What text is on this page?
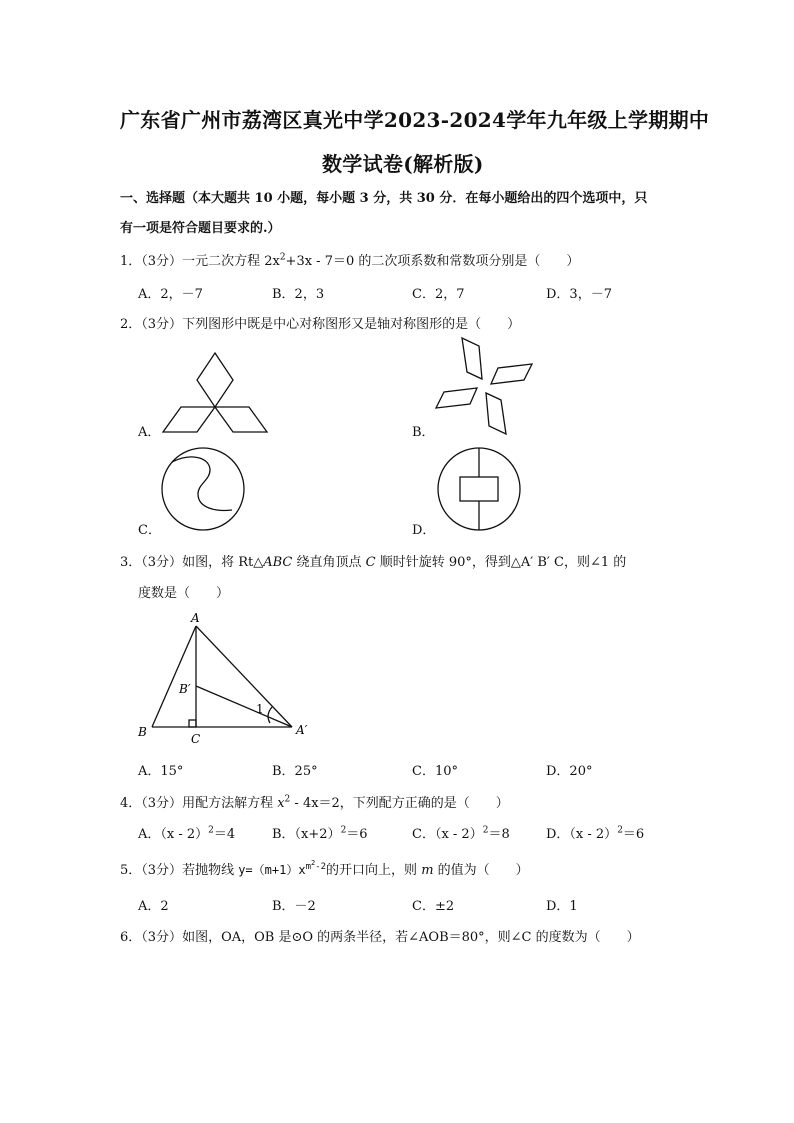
广东省广州市荔湾区真光中学2023-2024学年九年级上学期期中
数学试卷(解析版)
一、选择题（本大题共 10 小题，每小题 3 分，共 30 分．在每小题给出的四个选项中，只
有一项是符合题目要求的.）
1．（3分）一元二次方程 $2x^2+3x - 7=0$ 的二次项系数和常数项分别是（　　）
A．2，－7	B．2，3	C．2，7	D．3，－7
2．（3分）下列图形中既是中心对称图形又是轴对称图形的是（　　）
A．	B．
C．	D．
3．（3分）如图，将 Rt△ABC 绕直角顶点 C 顺时针旋转 90°，得到△A′ B′ C，则∠1 的
度数是（　　）
A
B
B′
C
A′
1
A．15°	B．25°	C．10°	D．20°
4．（3分）用配方法解方程 $x^2 - 4x=2$，下列配方正确的是（　　）
A．（x - 2）$^2$＝4	B．$(x+2)^2=6$	C．（x - 2）$^2$＝8	D．（x - 2）$^2$＝6
5．（3分）若抛物线 $y=(m+1)x^{m^2-2}$的开口向上，则 m 的值为（　　）
A．2	B．－2	C．±2	D．1
6．（3分）如图，OA，OB 是⊙O 的两条半径，若∠AOB＝80°，则∠C 的度数为（　　）
